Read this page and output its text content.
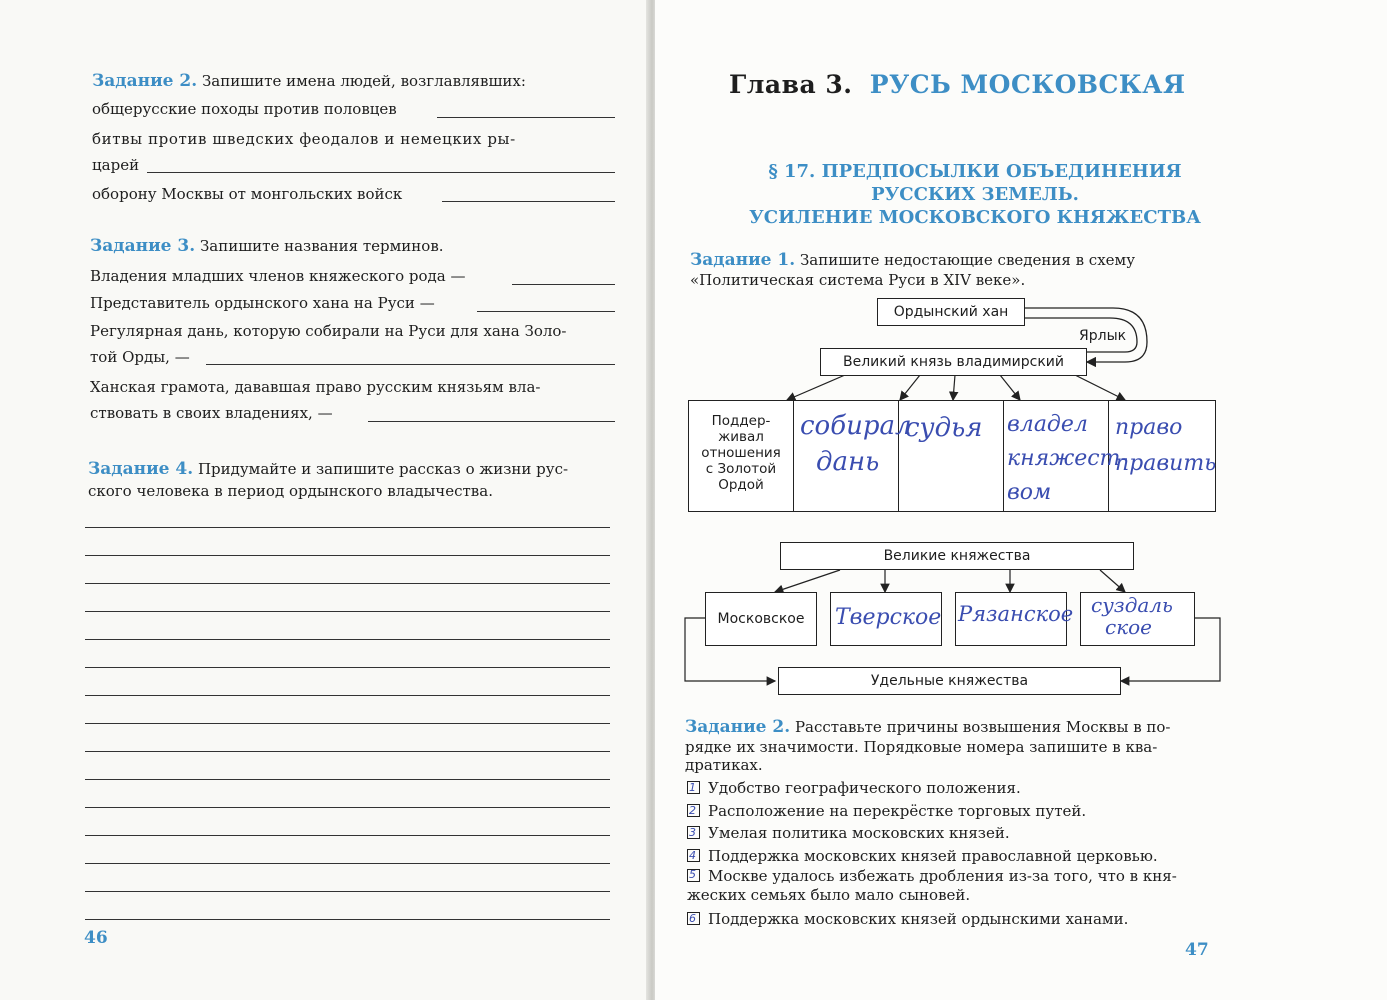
Задание 2. Запишите имена людей, возглавлявших:
общерусские походы против половцев
битвы против шведских феодалов и немецких ры-
царей
оборону Москвы от монгольских войск
Задание 3. Запишите названия терминов.
Владения младших членов княжеского рода —
Представитель ордынского хана на Руси —
Регулярная дань, которую собирали на Руси для хана Золо-
той Орды, —
Ханская грамота, дававшая право русским князьям вла-
ствовать в своих владениях, —
Задание 4. Придумайте и запишите рассказ о жизни рус-
ского человека в период ордынского владычества.
46
Глава 3. РУСЬ МОСКОВСКАЯ
§ 17. ПРЕДПОСЫЛКИ ОБЪЕДИНЕНИЯ
РУССКИХ ЗЕМЕЛЬ.
УСИЛЕНИЕ МОСКОВСКОГО КНЯЖЕСТВА
Задание 1. Запишите недостающие сведения в схему
«Политическая система Руси в XIV веке».
Ордынский хан
Ярлык
Великий князь владимирский
Поддер-
живал
отношения
с Золотой
Ордой
собирал
дань
судья владел
княжест-
вом
право
править
Великие княжества
Московское	Тверское Рязанское суздаль
ское
Удельные княжества
Задание 2. Расставьте причины возвышения Москвы в по-
рядке их значимости. Порядковые номера запишите в ква-
дратиках.
1 Удобство географического положения.
2 Расположение на перекрёстке торговых путей.
3 Умелая политика московских князей.
4 Поддержка московских князей православной церковью.
5 Москве удалось избежать дробления из-за того, что в кня-
жеских семьях было мало сыновей.
6 Поддержка московских князей ордынскими ханами.
47
